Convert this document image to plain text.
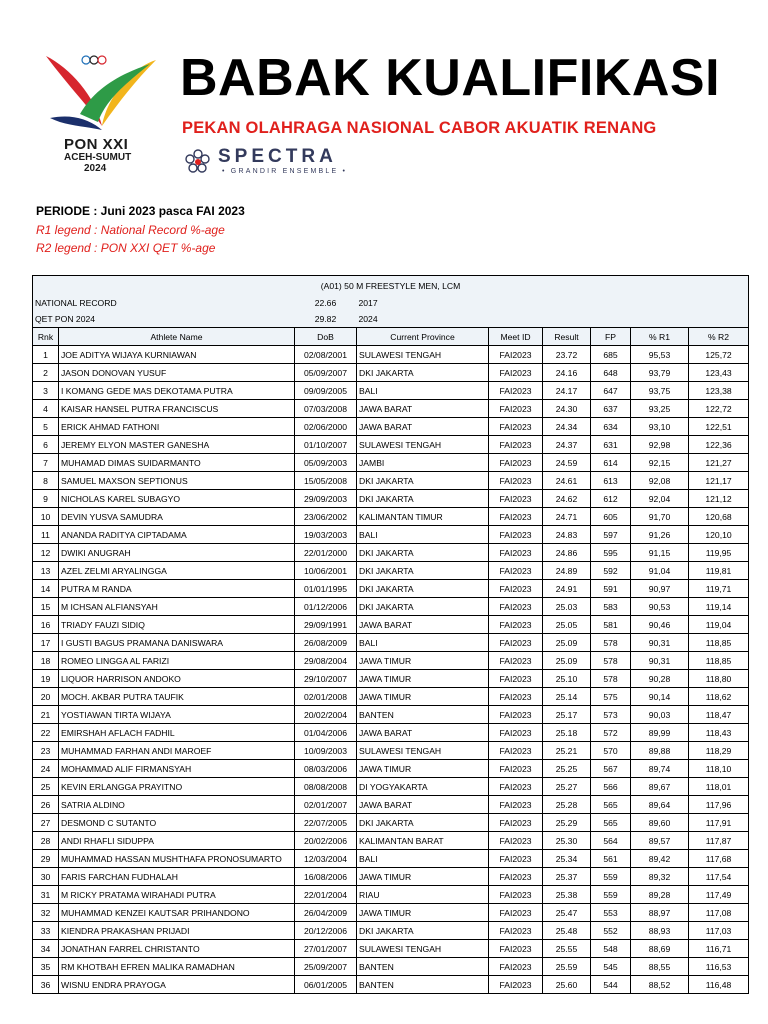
PON XXI
ACEH-SUMUT
2024
BABAK KUALIFIKASI
PEKAN OLAHRAGA NASIONAL CABOR AKUATIK RENANG
SPECTRA
• GRANDIR ENSEMBLE •
PERIODE : Juni 2023 pasca FAI 2023
R1 legend : National Record %-age
R2 legend : PON XXI QET %-age
(A01) 50 M FREESTYLE MEN, LCM								
NATIONAL RECORD		22.66	2017					
QET PON 2024		29.82	2024					
Rnk	Athlete Name	DoB	Current Province	Meet ID	Result	FP	% R1	% R2
1	JOE ADITYA WIJAYA KURNIAWAN	02/08/2001	SULAWESI TENGAH	FAI2023	23.72	685	95,53	125,72
2	JASON DONOVAN YUSUF	05/09/2007	DKI JAKARTA	FAI2023	24.16	648	93,79	123,43
3	I KOMANG GEDE MAS DEKOTAMA PUTRA	09/09/2005	BALI	FAI2023	24.17	647	93,75	123,38
4	KAISAR HANSEL PUTRA FRANCISCUS	07/03/2008	JAWA BARAT	FAI2023	24.30	637	93,25	122,72
5	ERICK AHMAD FATHONI	02/06/2000	JAWA BARAT	FAI2023	24.34	634	93,10	122,51
6	JEREMY ELYON MASTER GANESHA	01/10/2007	SULAWESI TENGAH	FAI2023	24.37	631	92,98	122,36
7	MUHAMAD DIMAS SUIDARMANTO	05/09/2003	JAMBI	FAI2023	24.59	614	92,15	121,27
8	SAMUEL MAXSON SEPTIONUS	15/05/2008	DKI JAKARTA	FAI2023	24.61	613	92,08	121,17
9	NICHOLAS KAREL SUBAGYO	29/09/2003	DKI JAKARTA	FAI2023	24.62	612	92,04	121,12
10	DEVIN YUSVA SAMUDRA	23/06/2002	KALIMANTAN TIMUR	FAI2023	24.71	605	91,70	120,68
11	ANANDA RADITYA CIPTADAMA	19/03/2003	BALI	FAI2023	24.83	597	91,26	120,10
12	DWIKI ANUGRAH	22/01/2000	DKI JAKARTA	FAI2023	24.86	595	91,15	119,95
13	AZEL ZELMI ARYALINGGA	10/06/2001	DKI JAKARTA	FAI2023	24.89	592	91,04	119,81
14	PUTRA M RANDA	01/01/1995	DKI JAKARTA	FAI2023	24.91	591	90,97	119,71
15	M ICHSAN ALFIANSYAH	01/12/2006	DKI JAKARTA	FAI2023	25.03	583	90,53	119,14
16	TRIADY FAUZI SIDIQ	29/09/1991	JAWA BARAT	FAI2023	25.05	581	90,46	119,04
17	I GUSTI BAGUS PRAMANA DANISWARA	26/08/2009	BALI	FAI2023	25.09	578	90,31	118,85
18	ROMEO LINGGA AL FARIZI	29/08/2004	JAWA TIMUR	FAI2023	25.09	578	90,31	118,85
19	LIQUOR HARRISON ANDOKO	29/10/2007	JAWA TIMUR	FAI2023	25.10	578	90,28	118,80
20	MOCH. AKBAR PUTRA TAUFIK	02/01/2008	JAWA TIMUR	FAI2023	25.14	575	90,14	118,62
21	YOSTIAWAN TIRTA WIJAYA	20/02/2004	BANTEN	FAI2023	25.17	573	90,03	118,47
22	EMIRSHAH AFLACH FADHIL	01/04/2006	JAWA BARAT	FAI2023	25.18	572	89,99	118,43
23	MUHAMMAD FARHAN ANDI MAROEF	10/09/2003	SULAWESI TENGAH	FAI2023	25.21	570	89,88	118,29
24	MOHAMMAD ALIF FIRMANSYAH	08/03/2006	JAWA TIMUR	FAI2023	25.25	567	89,74	118,10
25	KEVIN ERLANGGA PRAYITNO	08/08/2008	DI YOGYAKARTA	FAI2023	25.27	566	89,67	118,01
26	SATRIA ALDINO	02/01/2007	JAWA BARAT	FAI2023	25.28	565	89,64	117,96
27	DESMOND C SUTANTO	22/07/2005	DKI JAKARTA	FAI2023	25.29	565	89,60	117,91
28	ANDI RHAFLI SIDUPPA	20/02/2006	KALIMANTAN BARAT	FAI2023	25.30	564	89,57	117,87
29	MUHAMMAD HASSAN MUSHTHAFA PRONOSUMARTO	12/03/2004	BALI	FAI2023	25.34	561	89,42	117,68
30	FARIS FARCHAN FUDHALAH	16/08/2006	JAWA TIMUR	FAI2023	25.37	559	89,32	117,54
31	M RICKY PRATAMA WIRAHADI PUTRA	22/01/2004	RIAU	FAI2023	25.38	559	89,28	117,49
32	MUHAMMAD KENZEI KAUTSAR PRIHANDONO	26/04/2009	JAWA TIMUR	FAI2023	25.47	553	88,97	117,08
33	KIENDRA PRAKASHAN PRIJADI	20/12/2006	DKI JAKARTA	FAI2023	25.48	552	88,93	117,03
34	JONATHAN FARREL CHRISTANTO	27/01/2007	SULAWESI TENGAH	FAI2023	25.55	548	88,69	116,71
35	RM KHOTBAH EFREN MALIKA RAMADHAN	25/09/2007	BANTEN	FAI2023	25.59	545	88,55	116,53
36	WISNU ENDRA PRAYOGA	06/01/2005	BANTEN	FAI2023	25.60	544	88,52	116,48
